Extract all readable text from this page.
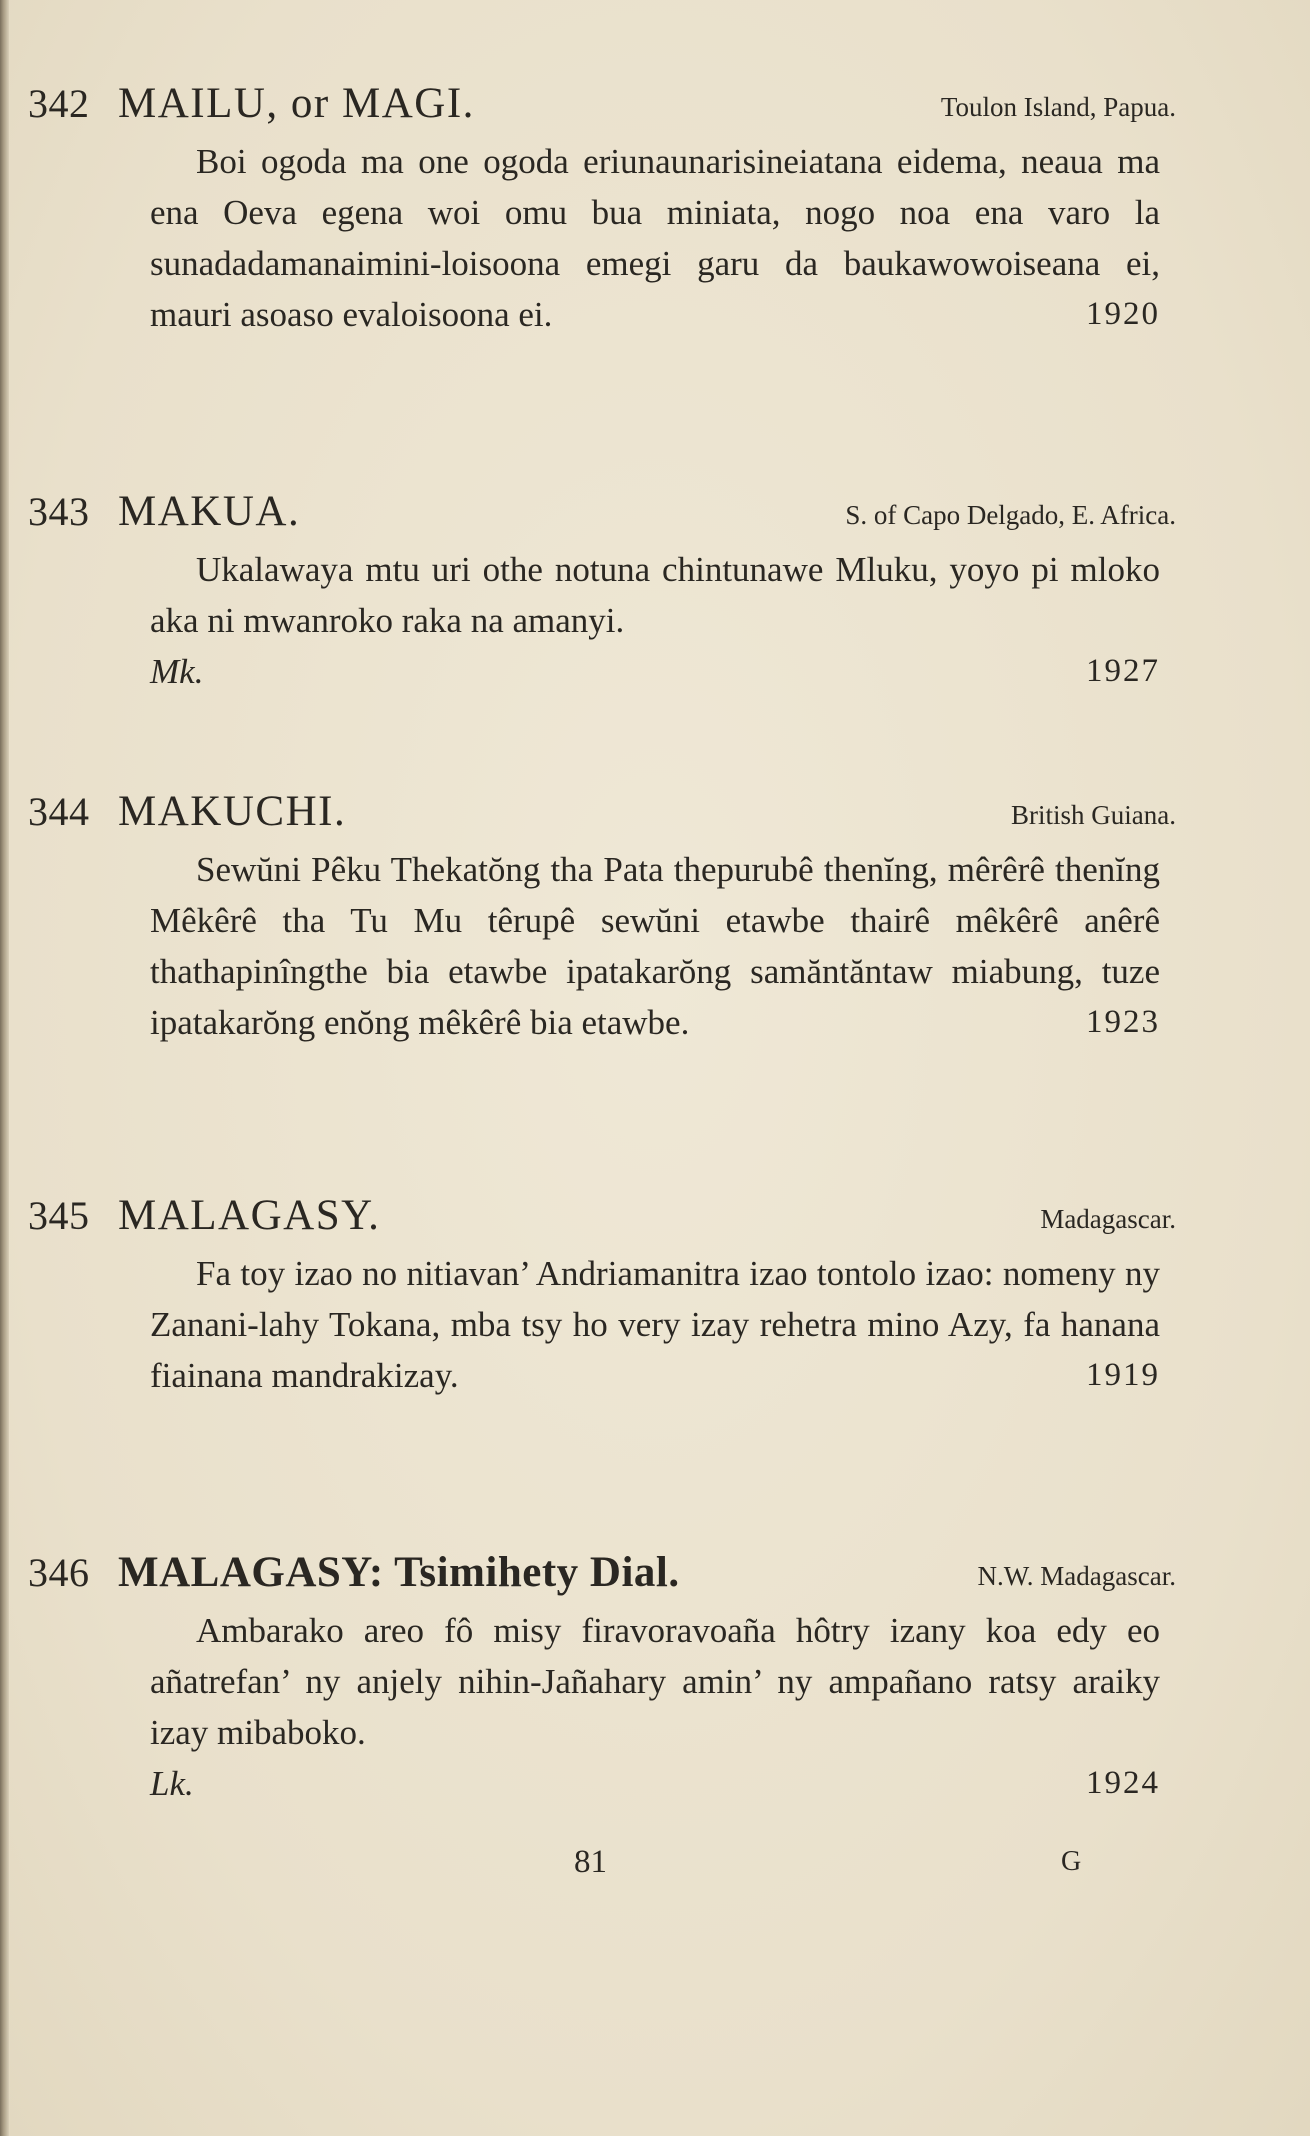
342 MAILU, or MAGI.	Toulon Island, Papua.
Boi ogoda ma one ogoda eriunaunarisineiatana eidema, neaua ma ena Oeva egena woi omu bua miniata, nogo noa ena varo la sunadadamanaimini-loisoona emegi garu da baukawowoiseana ei, mauri asoaso evaloisoona ei.	1920
343 MAKUA.	S. of Capo Delgado, E. Africa.
Ukalawaya mtu uri othe notuna chintunawe Mluku, yoyo pi mloko aka ni mwanroko raka na amanyi.
Mk.	1927
344 MAKUCHI.	British Guiana.
Sewŭni Pêku Thekatŏng tha Pata thepurubê thenĭng, mêrêrê thenĭng Mêkêrê tha Tu Mu têrupê sewŭni etawbe thairê mêkêrê anêrê thathapinîngthe bia etawbe ipatakarŏng samăntăntaw miabung, tuze ipatakarŏng enŏng mêkêrê bia etawbe.	1923
345 MALAGASY.	Madagascar.
Fa toy izao no nitiavan’ Andriamanitra izao tontolo izao: nomeny ny Zanani-lahy Tokana, mba tsy ho very izay rehetra mino Azy, fa hanana fiainana mandrakizay.	1919
346 MALAGASY: Tsimihety Dial.	N.W. Madagascar.
Ambarako areo fô misy firavoravoaña hôtry izany koa edy eo añatrefan’ ny anjely nihin-Jañahary amin’ ny ampañano ratsy araiky izay mibaboko.
Lk.	1924
81	G
